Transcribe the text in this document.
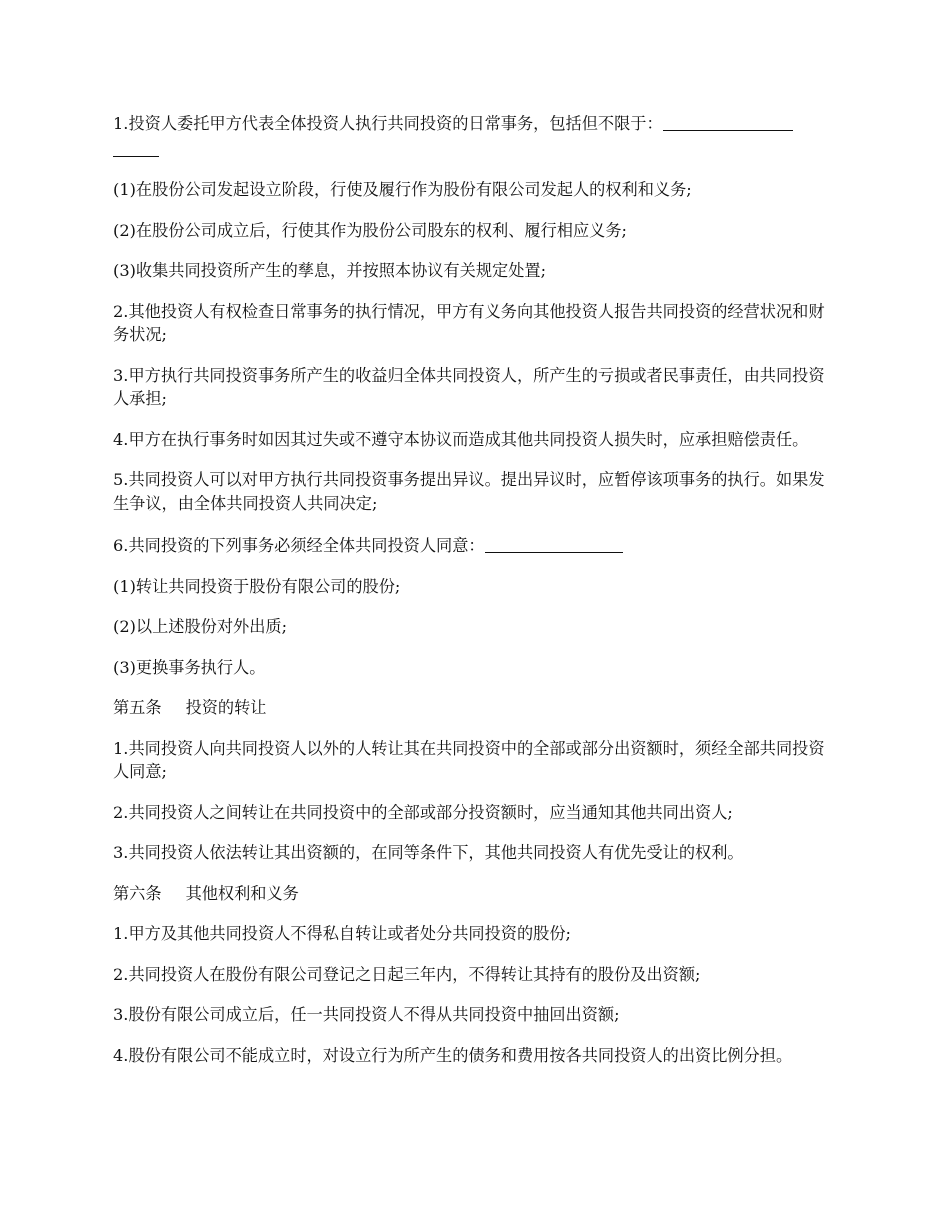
1.投资人委托甲方代表全体投资人执行共同投资的日常事务，包括但不限于：

(1)在股份公司发起设立阶段，行使及履行作为股份有限公司发起人的权利和义务;

(2)在股份公司成立后，行使其作为股份公司股东的权利、履行相应义务;

(3)收集共同投资所产生的孳息，并按照本协议有关规定处置;

2.其他投资人有权检查日常事务的执行情况，甲方有义务向其他投资人报告共同投资的经营状况和财务状况;

3.甲方执行共同投资事务所产生的收益归全体共同投资人，所产生的亏损或者民事责任，由共同投资人承担;

4.甲方在执行事务时如因其过失或不遵守本协议而造成其他共同投资人损失时，应承担赔偿责任。

5.共同投资人可以对甲方执行共同投资事务提出异议。提出异议时，应暂停该项事务的执行。如果发生争议，由全体共同投资人共同决定;

6.共同投资的下列事务必须经全体共同投资人同意：

(1)转让共同投资于股份有限公司的股份;

(2)以上述股份对外出质;

(3)更换事务执行人。

第五条 投资的转让

1.共同投资人向共同投资人以外的人转让其在共同投资中的全部或部分出资额时，须经全部共同投资人同意;

2.共同投资人之间转让在共同投资中的全部或部分投资额时，应当通知其他共同出资人;

3.共同投资人依法转让其出资额的，在同等条件下，其他共同投资人有优先受让的权利。

第六条 其他权利和义务

1.甲方及其他共同投资人不得私自转让或者处分共同投资的股份;

2.共同投资人在股份有限公司登记之日起三年内，不得转让其持有的股份及出资额;

3.股份有限公司成立后，任一共同投资人不得从共同投资中抽回出资额;

4.股份有限公司不能成立时，对设立行为所产生的债务和费用按各共同投资人的出资比例分担。
